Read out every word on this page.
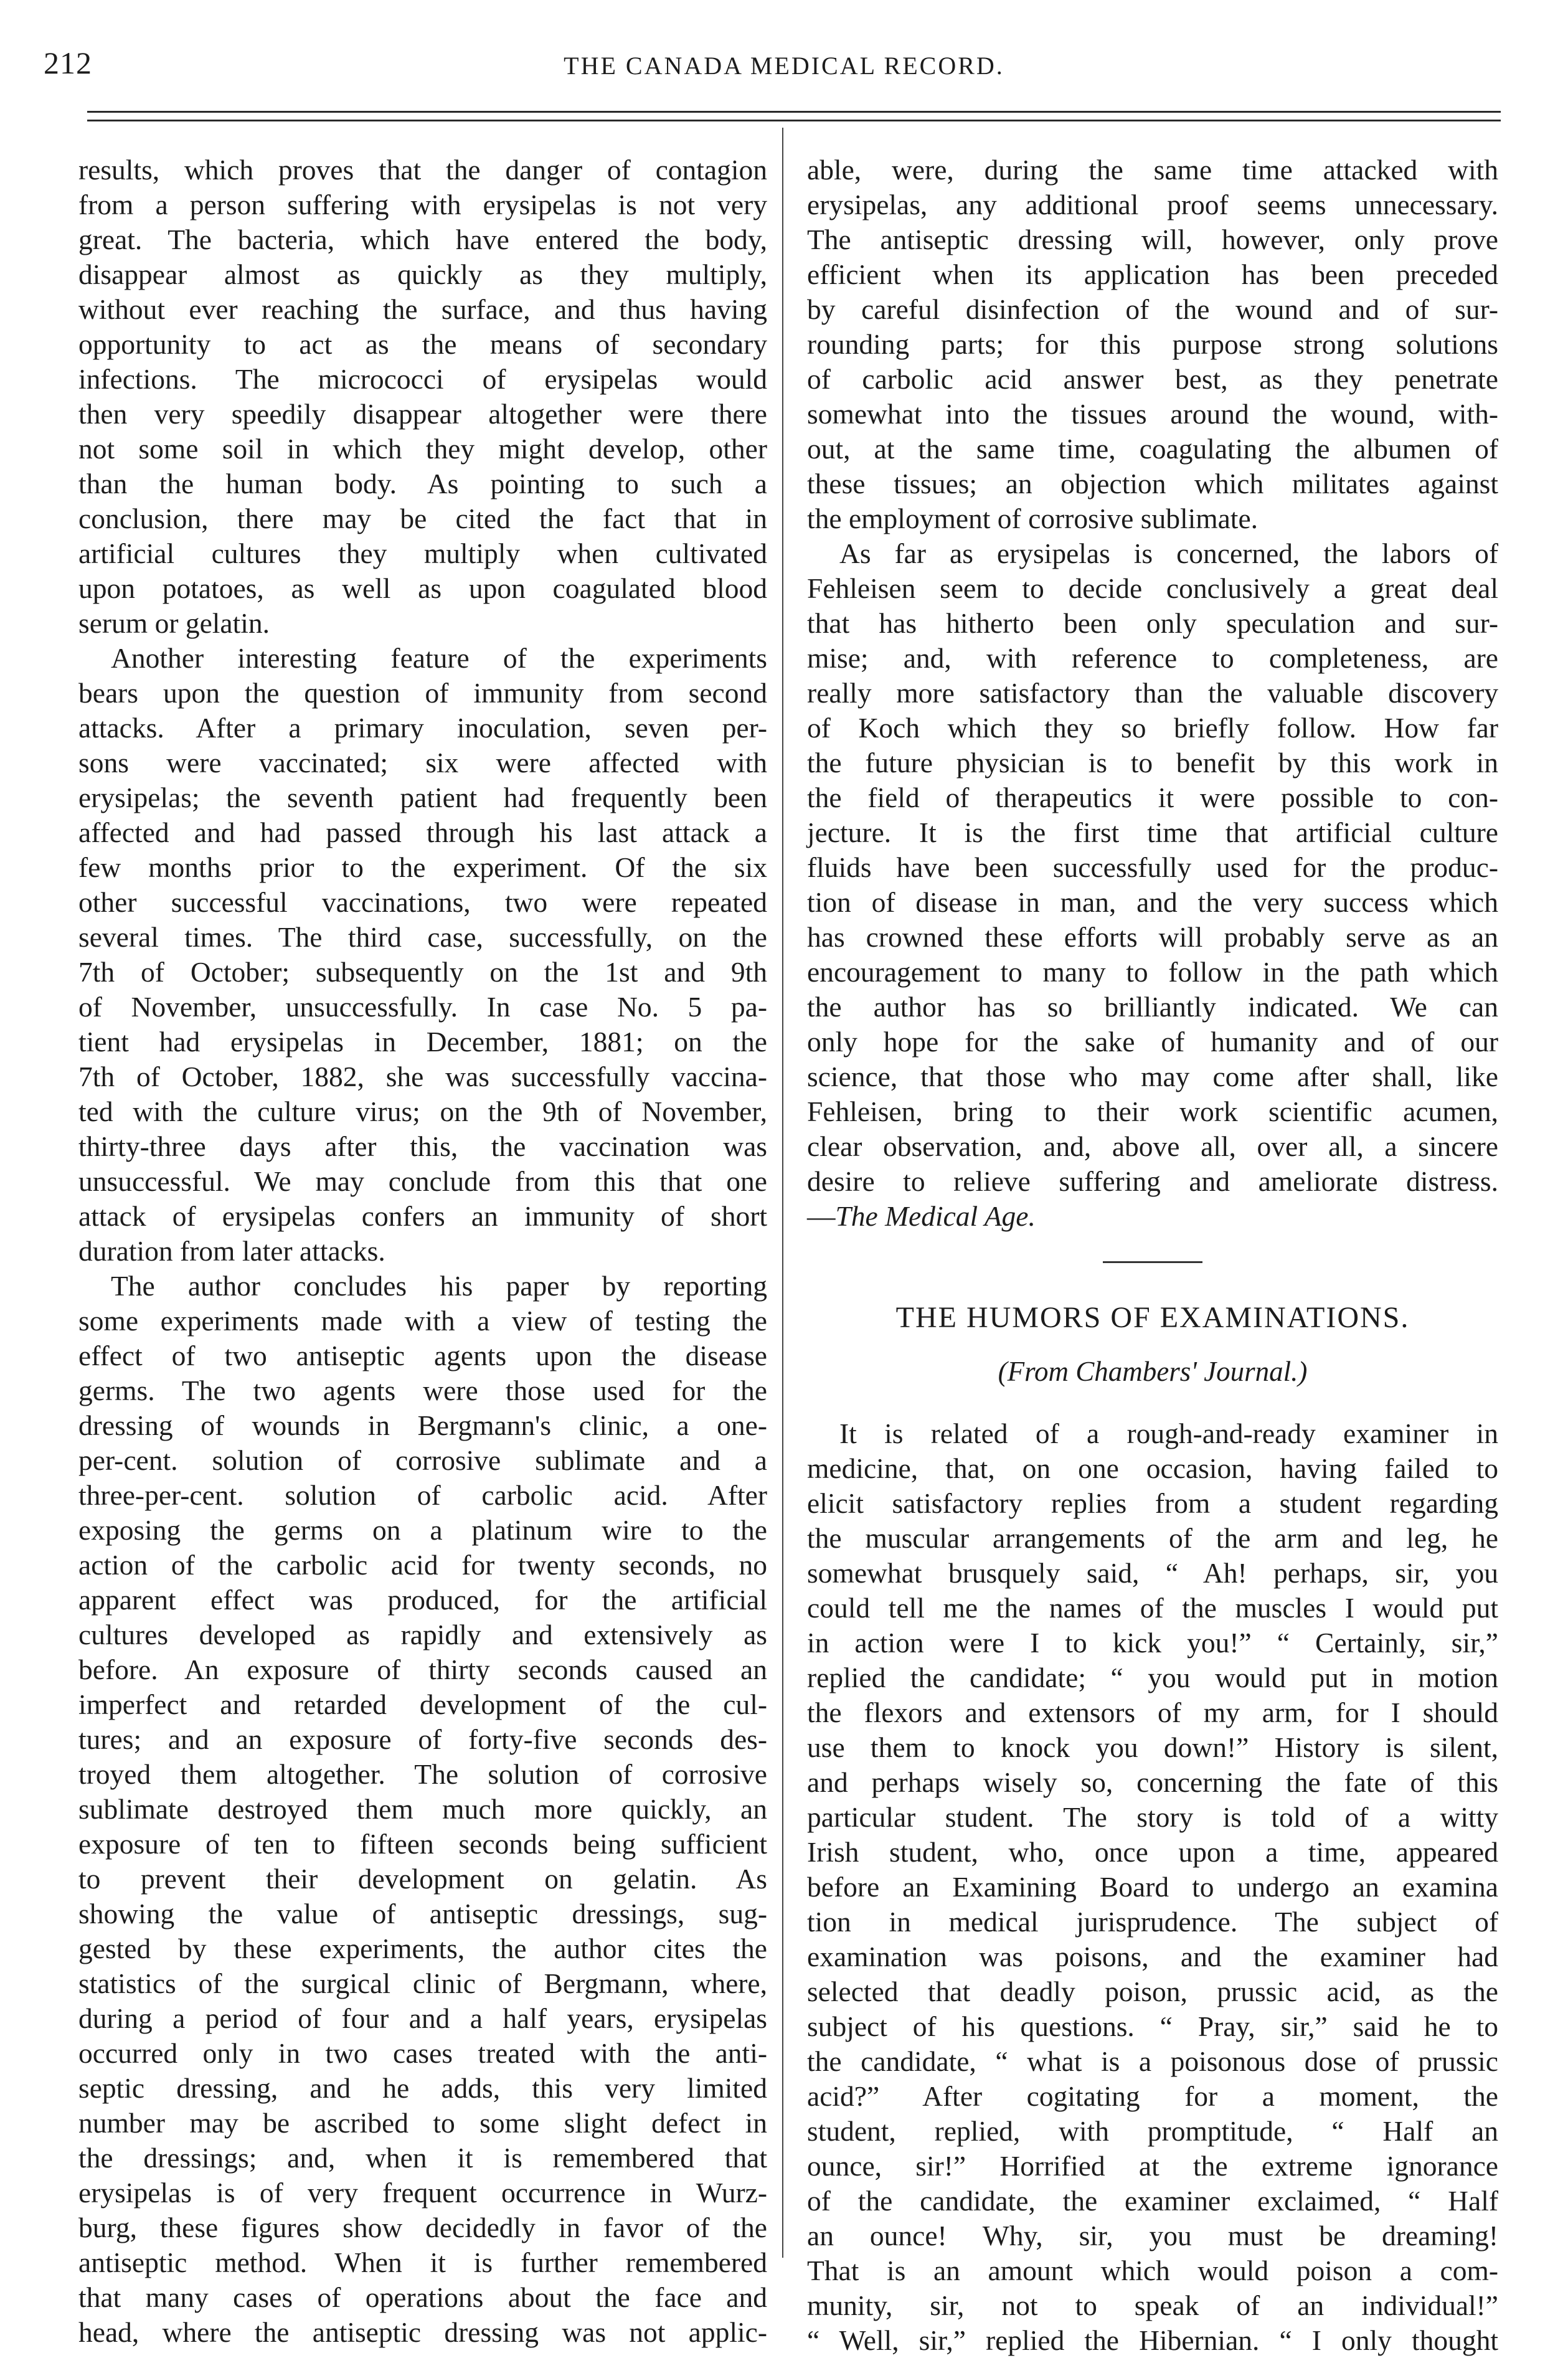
212	THE CANADA MEDICAL RECORD.
results, which proves that the danger of contagion
from a person suffering with erysipelas is not very
great. The bacteria, which have entered the body,
disappear almost as quickly as they multiply,
without ever reaching the surface, and thus having
opportunity to act as the means of secondary
infections. The micrococci of erysipelas would
then very speedily disappear altogether were there
not some soil in which they might develop, other
than the human body. As pointing to such a
conclusion, there may be cited the fact that in
artificial cultures they multiply when cultivated
upon potatoes, as well as upon coagulated blood
serum or gelatin.
Another interesting feature of the experiments
bears upon the question of immunity from second
attacks. After a primary inoculation, seven per-
sons were vaccinated; six were affected with
erysipelas; the seventh patient had frequently been
affected and had passed through his last attack a
few months prior to the experiment. Of the six
other successful vaccinations, two were repeated
several times. The third case, successfully, on the
7th of October; subsequently on the 1st and 9th
of November, unsuccessfully. In case No. 5 pa-
tient had erysipelas in December, 1881; on the
7th of October, 1882, she was successfully vaccina-
ted with the culture virus; on the 9th of November,
thirty-three days after this, the vaccination was
unsuccessful. We may conclude from this that one
attack of erysipelas confers an immunity of short
duration from later attacks.
The author concludes his paper by reporting
some experiments made with a view of testing the
effect of two antiseptic agents upon the disease
germs. The two agents were those used for the
dressing of wounds in Bergmann's clinic, a one-
per-cent. solution of corrosive sublimate and a
three-per-cent. solution of carbolic acid. After
exposing the germs on a platinum wire to the
action of the carbolic acid for twenty seconds, no
apparent effect was produced, for the artificial
cultures developed as rapidly and extensively as
before. An exposure of thirty seconds caused an
imperfect and retarded development of the cul-
tures; and an exposure of forty-five seconds des-
troyed them altogether. The solution of corrosive
sublimate destroyed them much more quickly, an
exposure of ten to fifteen seconds being sufficient
to prevent their development on gelatin. As
showing the value of antiseptic dressings, sug-
gested by these experiments, the author cites the
statistics of the surgical clinic of Bergmann, where,
during a period of four and a half years, erysipelas
occurred only in two cases treated with the anti-
septic dressing, and he adds, this very limited
number may be ascribed to some slight defect in
the dressings; and, when it is remembered that
erysipelas is of very frequent occurrence in Wurz-
burg, these figures show decidedly in favor of the
antiseptic method. When it is further remembered
that many cases of operations about the face and
head, where the antiseptic dressing was not applic-
able, were, during the same time attacked with
erysipelas, any additional proof seems unnecessary.
The antiseptic dressing will, however, only prove
efficient when its application has been preceded
by careful disinfection of the wound and of sur-
rounding parts; for this purpose strong solutions
of carbolic acid answer best, as they penetrate
somewhat into the tissues around the wound, with-
out, at the same time, coagulating the albumen of
these tissues; an objection which militates against
the employment of corrosive sublimate.
As far as erysipelas is concerned, the labors of
Fehleisen seem to decide conclusively a great deal
that has hitherto been only speculation and sur-
mise; and, with reference to completeness, are
really more satisfactory than the valuable discovery
of Koch which they so briefly follow. How far
the future physician is to benefit by this work in
the field of therapeutics it were possible to con-
jecture. It is the first time that artificial culture
fluids have been successfully used for the produc-
tion of disease in man, and the very success which
has crowned these efforts will probably serve as an
encouragement to many to follow in the path which
the author has so brilliantly indicated. We can
only hope for the sake of humanity and of our
science, that those who may come after shall, like
Fehleisen, bring to their work scientific acumen,
clear observation, and, above all, over all, a sincere
desire to relieve suffering and ameliorate distress.
—The Medical Age.
THE HUMORS OF EXAMINATIONS.
(From Chambers' Journal.)
It is related of a rough-and-ready examiner in
medicine, that, on one occasion, having failed to
elicit satisfactory replies from a student regarding
the muscular arrangements of the arm and leg, he
somewhat brusquely said, “ Ah! perhaps, sir, you
could tell me the names of the muscles I would put
in action were I to kick you!” “ Certainly, sir,”
replied the candidate; “ you would put in motion
the flexors and extensors of my arm, for I should
use them to knock you down!” History is silent,
and perhaps wisely so, concerning the fate of this
particular student. The story is told of a witty
Irish student, who, once upon a time, appeared
before an Examining Board to undergo an examina
tion in medical jurisprudence. The subject of
examination was poisons, and the examiner had
selected that deadly poison, prussic acid, as the
subject of his questions. “ Pray, sir,” said he to
the candidate, “ what is a poisonous dose of prussic
acid?” After cogitating for a moment, the
student, replied, with promptitude, “ Half an
ounce, sir!” Horrified at the extreme ignorance
of the candidate, the examiner exclaimed, “ Half
an ounce! Why, sir, you must be dreaming!
That is an amount which would poison a com-
munity, sir, not to speak of an individual!”
“ Well, sir,” replied the Hibernian. “ I only thought
